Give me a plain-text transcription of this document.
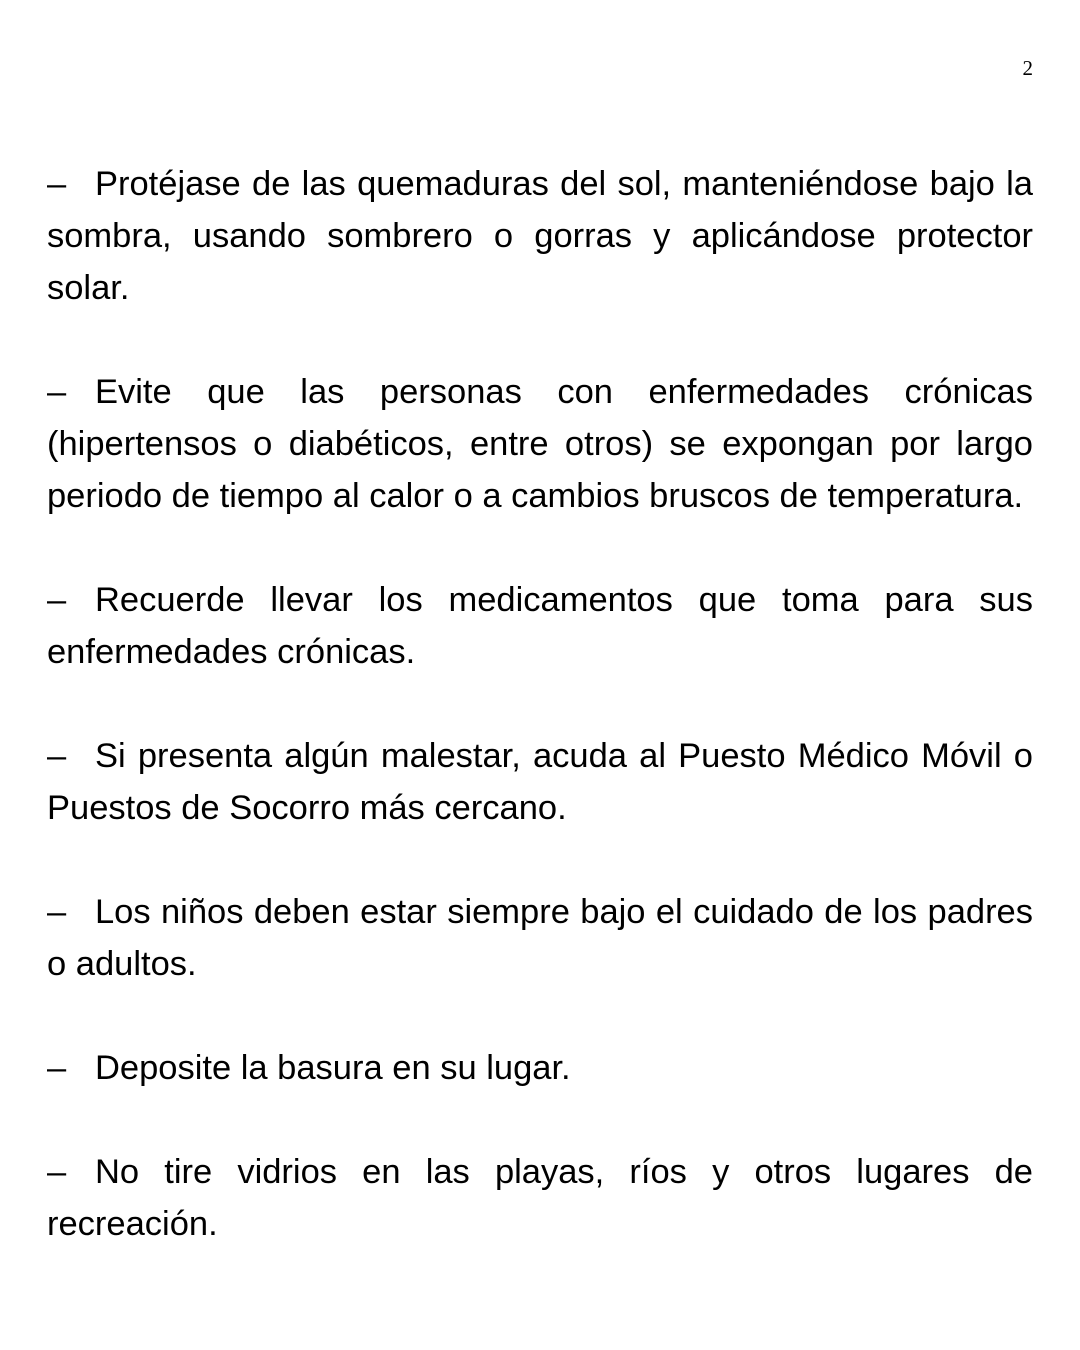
2

– Protéjase de las quemaduras del sol, manteniéndose bajo la sombra, usando sombrero o gorras y aplicándose protector solar.

– Evite que las personas con enfermedades crónicas (hipertensos o diabéticos, entre otros) se expongan por largo periodo de tiempo al calor o a cambios bruscos de temperatura.

– Recuerde llevar los medicamentos que toma para sus enfermedades crónicas.

– Si presenta algún malestar, acuda al Puesto Médico Móvil o Puestos de Socorro más cercano.

– Los niños deben estar siempre bajo el cuidado de los padres o adultos.

– Deposite la basura en su lugar.

– No tire vidrios en las playas, ríos y otros lugares de recreación.
